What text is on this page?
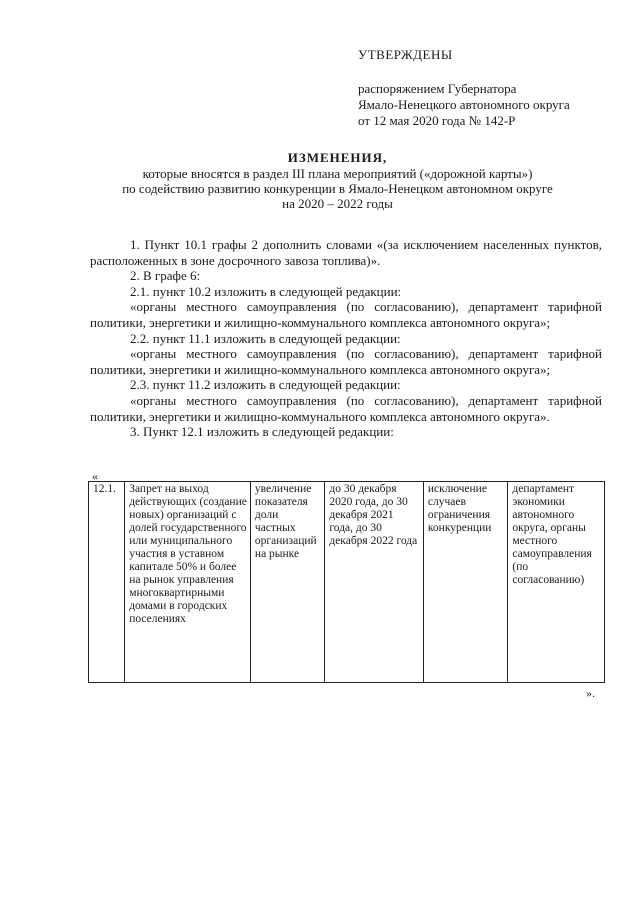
УТВЕРЖДЕНЫ
распоряжением Губернатора
Ямало-Ненецкого автономного округа
от 12 мая 2020 года № 142-Р
ИЗМЕНЕНИЯ,
которые вносятся в раздел III плана мероприятий («дорожной карты»)
по содействию развитию конкуренции в Ямало-Ненецком автономном округе
на 2020 – 2022 годы

1. Пункт 10.1 графы 2 дополнить словами «(за исключением населенных пунктов, расположенных в зоне досрочного завоза топлива)».

2. В графе 6:

2.1. пункт 10.2 изложить в следующей редакции:

«органы местного самоуправления (по согласованию), департамент тарифной политики, энергетики и жилищно-коммунального комплекса автономного округа»;

2.2. пункт 11.1 изложить в следующей редакции:

«органы местного самоуправления (по согласованию), департамент тарифной политики, энергетики и жилищно-коммунального комплекса автономного округа»;

2.3. пункт 11.2 изложить в следующей редакции:

«органы местного самоуправления (по согласованию), департамент тарифной политики, энергетики и жилищно-коммунального комплекса автономного округа».

3. Пункт 12.1 изложить в следующей редакции:

«
12.1.	Запрет на выход действующих (создание новых) организаций с долей государственного или муниципального участия в уставном капитале 50% и более на рынок управления многоквартирными домами в городских поселениях	увеличение показателя доли частных организаций на рынке	до 30 декабря 2020 года, до 30 декабря 2021 года, до 30 декабря 2022 года	исключение случаев ограничения конкуренции	департамент экономики автономного округа, органы местного самоуправления (по согласованию)
».
